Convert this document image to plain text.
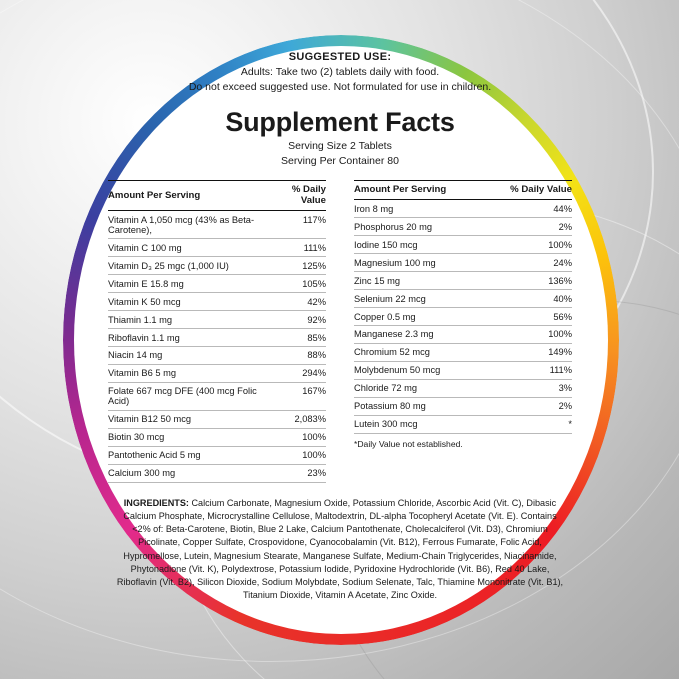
SUGGESTED USE:
Adults: Take two (2) tablets daily with food.
Do not exceed suggested use. Not formulated for use in children.
Supplement Facts
Serving Size 2 Tablets
Serving Per Container 80
Amount Per Serving	% Daily Value
Vitamin A 1,050 mcg (43% as Beta-Carotene),	117%
Vitamin C 100 mg	111%
Vitamin D₃ 25 mgc (1,000 IU)	125%
Vitamin E 15.8 mg	105%
Vitamin K 50 mcg	42%
Thiamin 1.1 mg	92%
Riboflavin 1.1 mg	85%
Niacin 14 mg	88%
Vitamin B6 5 mg	294%
Folate 667 mcg DFE (400 mcg Folic Acid)	167%
Vitamin B12 50 mcg	2,083%
Biotin 30 mcg	100%
Pantothenic Acid 5 mg	100%
Calcium 300 mg	23%
Amount Per Serving	% Daily Value
Iron 8 mg	44%
Phosphorus 20 mg	2%
Iodine 150 mcg	100%
Magnesium 100 mg	24%
Zinc 15 mg	136%
Selenium 22 mcg	40%
Copper 0.5 mg	56%
Manganese 2.3 mg	100%
Chromium 52 mcg	149%
Molybdenum 50 mcg	111%
Chloride 72 mg	3%
Potassium 80 mg	2%
Lutein 300 mcg	*
*Daily Value not established.
INGREDIENTS: Calcium Carbonate, Magnesium Oxide, Potassium Chloride, Ascorbic Acid (Vit. C), Dibasic Calcium Phosphate, Microcrystalline Cellulose, Maltodextrin, DL-alpha Tocopheryl Acetate (Vit. E). Contains <2% of: Beta-Carotene, Biotin, Blue 2 Lake, Calcium Pantothenate, Cholecalciferol (Vit. D3), Chromium Picolinate, Copper Sulfate, Crospovidone, Cyanocobalamin (Vit. B12), Ferrous Fumarate, Folic Acid, Hypromellose, Lutein, Magnesium Stearate, Manganese Sulfate, Medium-Chain Triglycerides, Niacinamide, Phytonadione (Vit. K), Polydextrose, Potassium Iodide, Pyridoxine Hydrochloride (Vit. B6), Red 40 Lake, Riboflavin (Vit. B2), Silicon Dioxide, Sodium Molybdate, Sodium Selenate, Talc, Thiamine Mononitrate (Vit. B1), Titanium Dioxide, Vitamin A Acetate, Zinc Oxide.
